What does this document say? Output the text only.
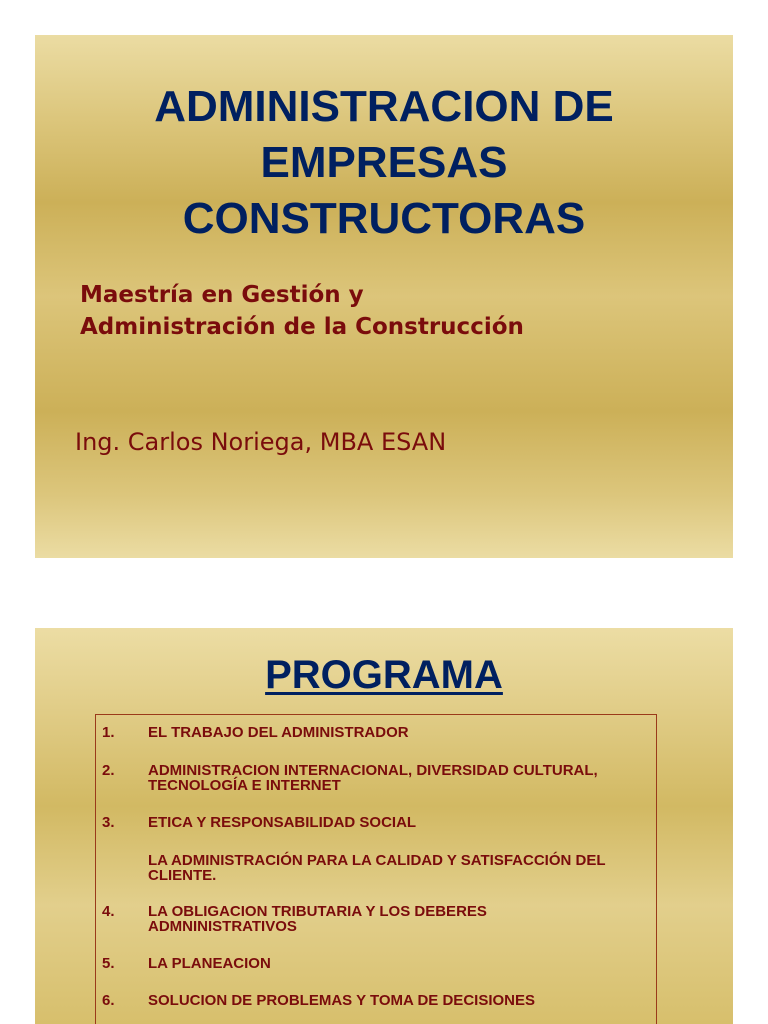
ADMINISTRACION DE
EMPRESAS
CONSTRUCTORAS

Maestría en Gestión y
Administración de la Construcción

Ing. Carlos Noriega, MBA ESAN

PROGRAMA
1. EL TRABAJO DEL ADMINISTRADOR
2. ADMINISTRACION INTERNACIONAL, DIVERSIDAD CULTURAL,
TECNOLOGÍA E INTERNET
3. ETICA Y RESPONSABILIDAD SOCIAL
LA ADMINISTRACIÓN PARA LA CALIDAD Y SATISFACCIÓN DEL
CLIENTE.
4. LA OBLIGACION TRIBUTARIA Y LOS DEBERES
ADMNINISTRATIVOS
5. LA PLANEACION
6. SOLUCION DE PROBLEMAS Y TOMA DE DECISIONES
